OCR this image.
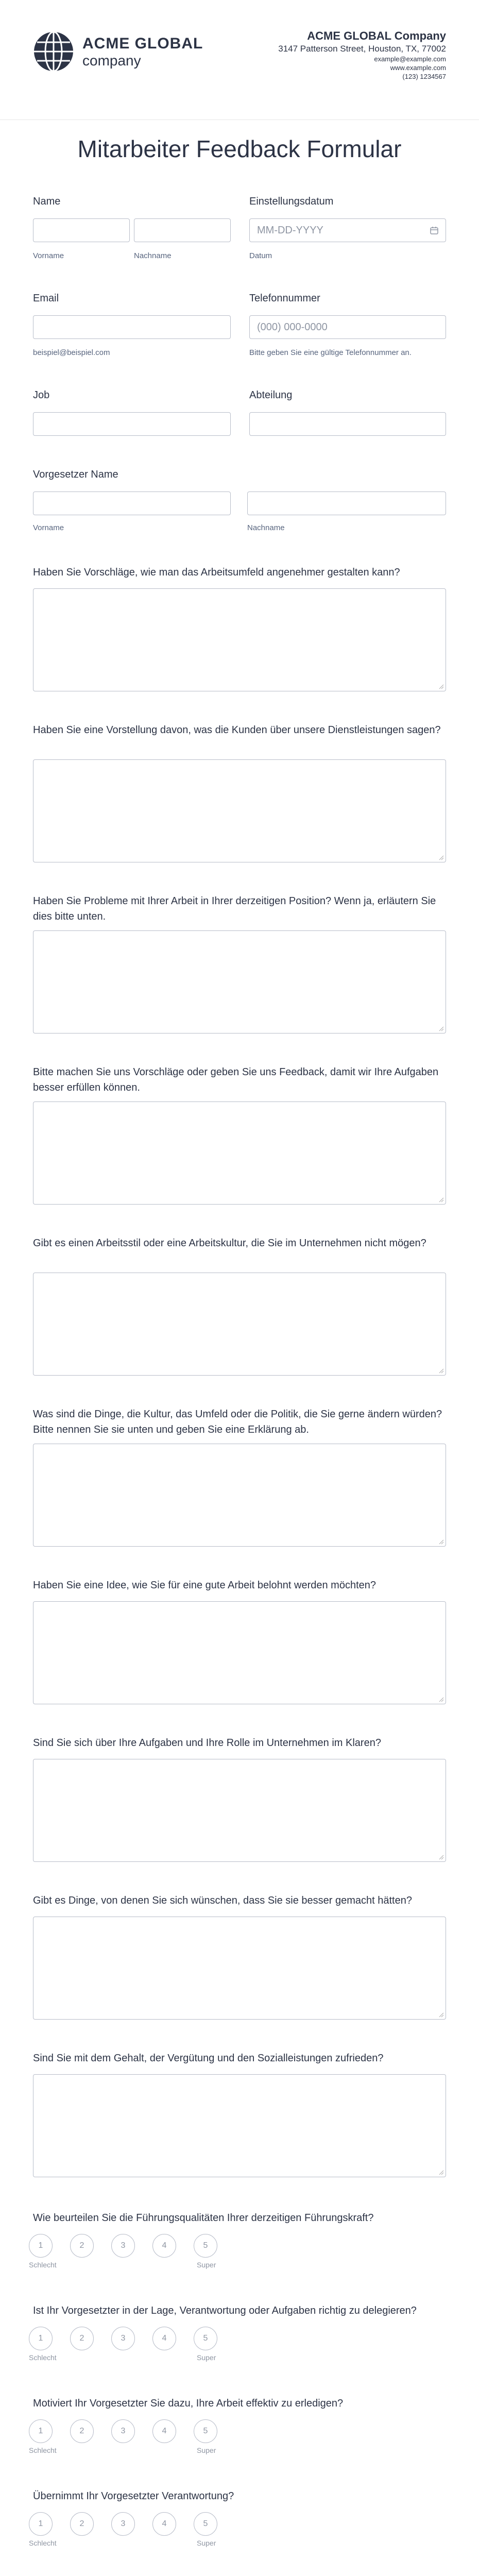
ACME GLOBAL
company
ACME GLOBAL Company
3147 Patterson Street, Houston, TX, 77002
example@example.com
www.example.com
(123) 1234567
Mitarbeiter Feedback Formular
Name
Vorname	Nachname
Einstellungsdatum
MM-DD-YYYY
Datum
Email
beispiel@beispiel.com
Telefonnummer
(000) 000-0000
Bitte geben Sie eine gültige Telefonnummer an.
Job	Abteilung
Vorgesetzer Name
Vorname	Nachname
Haben Sie Vorschläge, wie man das Arbeitsumfeld angenehmer gestalten kann?
Haben Sie eine Vorstellung davon, was die Kunden über unsere Dienstleistungen sagen?
Haben Sie Probleme mit Ihrer Arbeit in Ihrer derzeitigen Position? Wenn ja, erläutern Sie dies bitte unten.
Bitte machen Sie uns Vorschläge oder geben Sie uns Feedback, damit wir Ihre Aufgaben besser erfüllen können.
Gibt es einen Arbeitsstil oder eine Arbeitskultur, die Sie im Unternehmen nicht mögen?
Was sind die Dinge, die Kultur, das Umfeld oder die Politik, die Sie gerne ändern würden? Bitte nennen Sie sie unten und geben Sie eine Erklärung ab.
Haben Sie eine Idee, wie Sie für eine gute Arbeit belohnt werden möchten?
Sind Sie sich über Ihre Aufgaben und Ihre Rolle im Unternehmen im Klaren?
Gibt es Dinge, von denen Sie sich wünschen, dass Sie sie besser gemacht hätten?
Sind Sie mit dem Gehalt, der Vergütung und den Sozialleistungen zufrieden?
Wie beurteilen Sie die Führungsqualitäten Ihrer derzeitigen Führungskraft?
1	2	3	4	5
Schlecht	Super
Ist Ihr Vorgesetzter in der Lage, Verantwortung oder Aufgaben richtig zu delegieren?
1	2	3	4	5
Schlecht	Super
Motiviert Ihr Vorgesetzter Sie dazu, Ihre Arbeit effektiv zu erledigen?
1	2	3	4	5
Schlecht	Super
Übernimmt Ihr Vorgesetzter Verantwortung?
1	2	3	4	5
Schlecht	Super
